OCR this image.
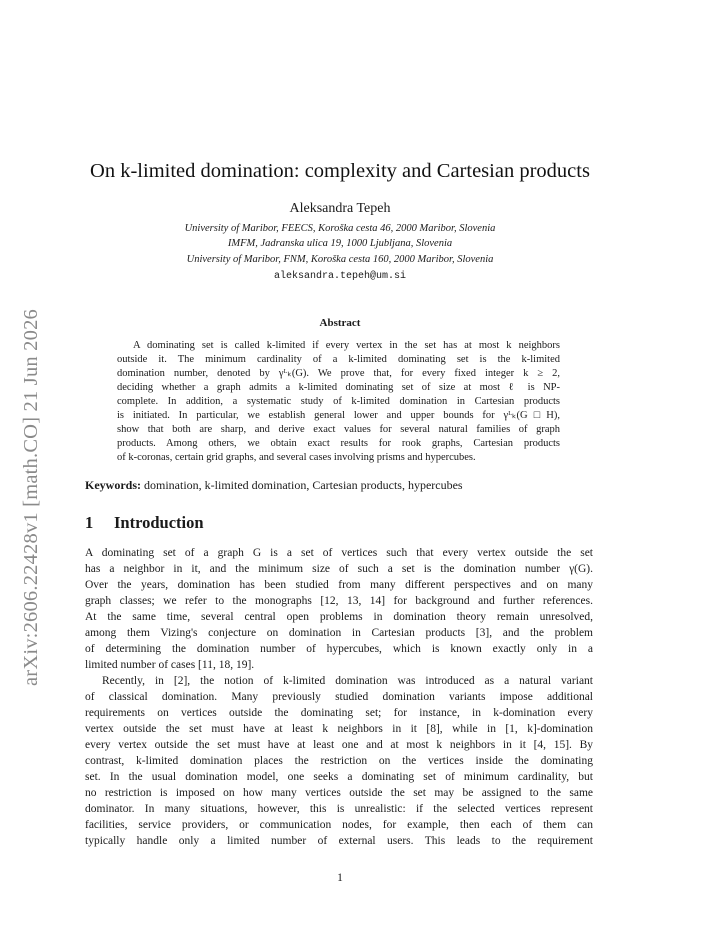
arXiv:2606.22428v1 [math.CO] 21 Jun 2026
On k-limited domination: complexity and Cartesian products
Aleksandra Tepeh
University of Maribor, FEECS, Koroška cesta 46, 2000 Maribor, Slovenia
IMFM, Jadranska ulica 19, 1000 Ljubljana, Slovenia
University of Maribor, FNM, Koroška cesta 160, 2000 Maribor, Slovenia
aleksandra.tepeh@um.si
Abstract
A dominating set is called k-limited if every vertex in the set has at most k neighbors
outside it. The minimum cardinality of a k-limited dominating set is the k-limited
domination number, denoted by γᴸₖ(G). We prove that, for every fixed integer k ≥ 2,
deciding whether a graph admits a k-limited dominating set of size at most ℓ is NP-
complete. In addition, a systematic study of k-limited domination in Cartesian products
is initiated. In particular, we establish general lower and upper bounds for γᴸₖ(G□H),
show that both are sharp, and derive exact values for several natural families of graph
products. Among others, we obtain exact results for rook graphs, Cartesian products
of k-coronas, certain grid graphs, and several cases involving prisms and hypercubes.
Keywords: domination, k-limited domination, Cartesian products, hypercubes
1 Introduction
A dominating set of a graph G is a set of vertices such that every vertex outside the set
has a neighbor in it, and the minimum size of such a set is the domination number γ(G).
Over the years, domination has been studied from many different perspectives and on many
graph classes; we refer to the monographs [12, 13, 14] for background and further references.
At the same time, several central open problems in domination theory remain unresolved,
among them Vizing's conjecture on domination in Cartesian products [3], and the problem
of determining the domination number of hypercubes, which is known exactly only in a
limited number of cases [11, 18, 19].
Recently, in [2], the notion of k-limited domination was introduced as a natural variant
of classical domination. Many previously studied domination variants impose additional
requirements on vertices outside the dominating set; for instance, in k-domination every
vertex outside the set must have at least k neighbors in it [8], while in [1, k]-domination
every vertex outside the set must have at least one and at most k neighbors in it [4, 15]. By
contrast, k-limited domination places the restriction on the vertices inside the dominating
set. In the usual domination model, one seeks a dominating set of minimum cardinality, but
no restriction is imposed on how many vertices outside the set may be assigned to the same
dominator. In many situations, however, this is unrealistic: if the selected vertices represent
facilities, service providers, or communication nodes, for example, then each of them can
typically handle only a limited number of external users. This leads to the requirement
1
